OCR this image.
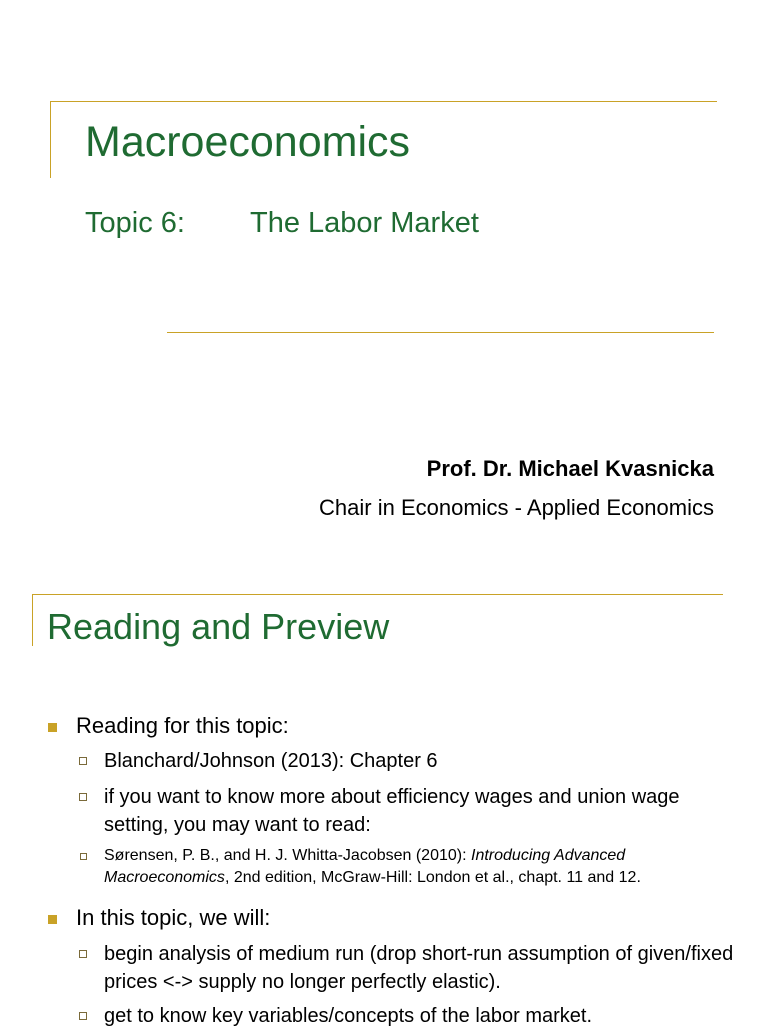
Macroeconomics
Topic 6: The Labor Market
Prof. Dr. Michael Kvasnicka
Chair in Economics - Applied Economics
Reading and Preview
Reading for this topic:
Blanchard/Johnson (2013): Chapter 6
if you want to know more about efficiency wages and union wage setting, you may want to read:
Sørensen, P. B., and H. J. Whitta-Jacobsen (2010): Introducing Advanced Macroeconomics, 2nd edition, McGraw-Hill: London et al., chapt. 11 and 12.
In this topic, we will:
begin analysis of medium run (drop short-run assumption of given/fixed prices <-> supply no longer perfectly elastic).
get to know key variables/concepts of the labor market.
